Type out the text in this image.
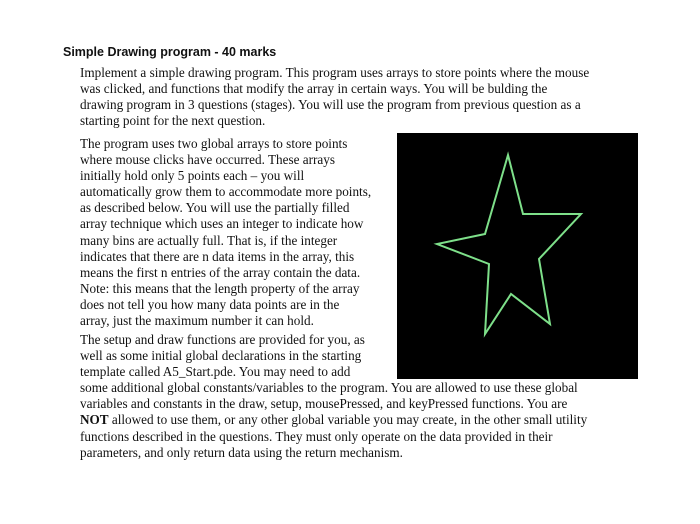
Simple Drawing program - 40 marks

Implement a simple drawing program. This program uses arrays to store points where the mouse
was clicked, and functions that modify the array in certain ways. You will be bulding the
drawing program in 3 questions (stages). You will use the program from previous question as a
starting point for the next question.

The program uses two global arrays to store points
where mouse clicks have occurred. These arrays
initially hold only 5 points each – you will
automatically grow them to accommodate more points,
as described below. You will use the partially filled
array technique which uses an integer to indicate how
many bins are actually full. That is, if the integer
indicates that there are n data items in the array, this
means the first n entries of the array contain the data.
Note: this means that the length property of the array
does not tell you how many data points are in the
array, just the maximum number it can hold.

The setup and draw functions are provided for you, as
well as some initial global declarations in the starting
template called A5_Start.pde. You may need to add
some additional global constants/variables to the program. You are allowed to use these global
variables and constants in the draw, setup, mousePressed, and keyPressed functions. You are
NOT allowed to use them, or any other global variable you may create, in the other small utility
functions described in the questions. They must only operate on the data provided in their
parameters, and only return data using the return mechanism.
